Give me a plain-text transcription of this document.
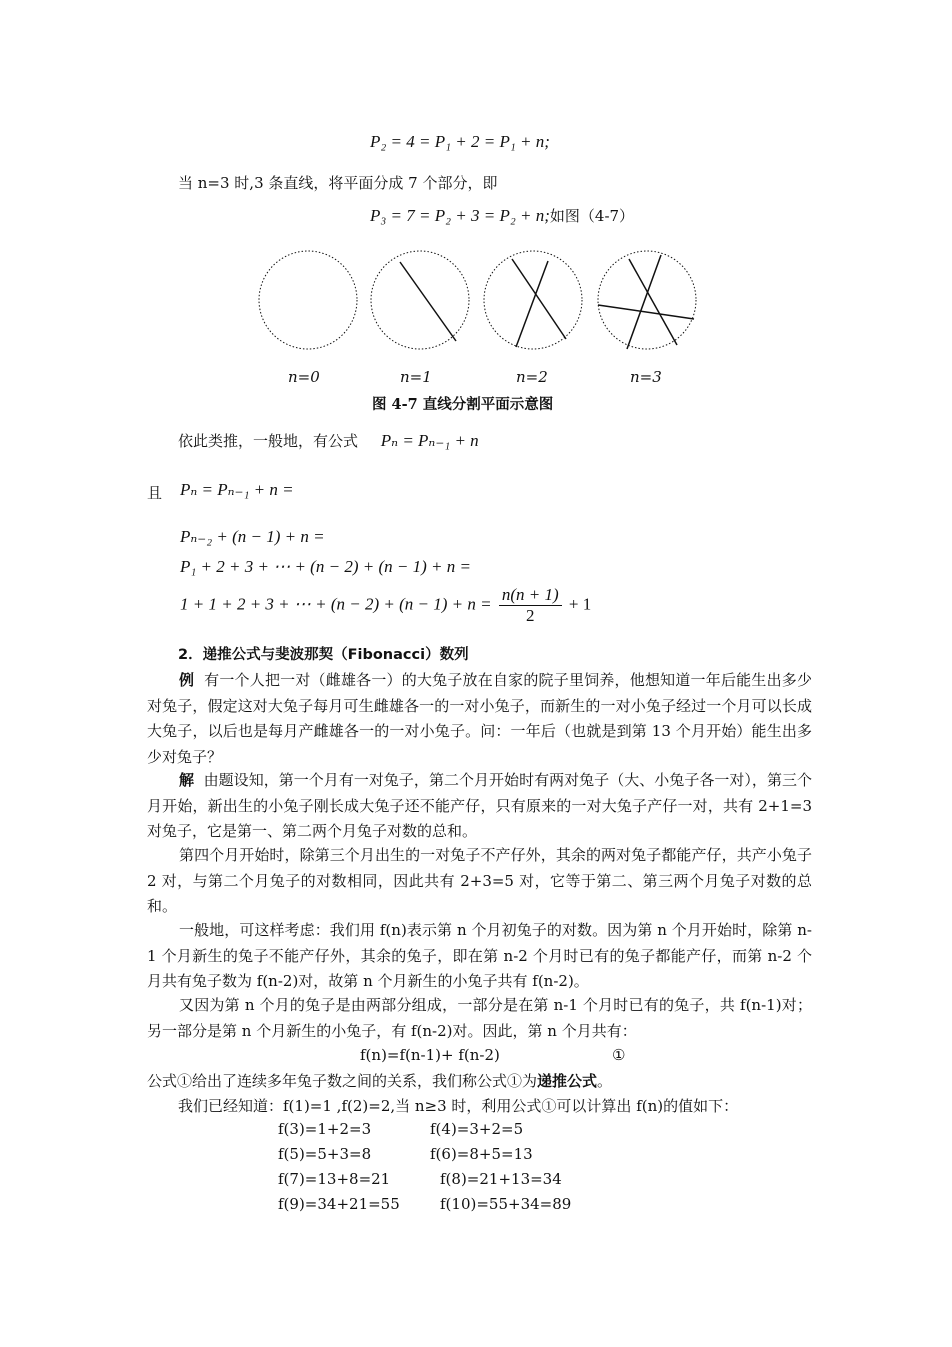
P₂ = 4 = P₁ + 2 = P₁ + n;
当 n=3 时,3 条直线，将平面分成 7 个部分，即
P₃ = 7 = P₂ + 3 = P₂ + n;如图（4-7）
n=0	n=1	n=2	n=3
图 4-7 直线分割平面示意图
依此类推，一般地，有公式 Pₙ = Pₙ₋₁ + n
且 Pₙ = Pₙ₋₁ + n =
Pₙ₋₂ + (n − 1) + n =
P₁ + 2 + 3 + ⋯ + (n − 2) + (n − 1) + n =
1 + 1 + 2 + 3 + ⋯ + $(n - 2) + (n - 1) + n = \frac{n(n + 1)}{2} + 1$
2．递推公式与斐波那契（Fibonacci）数列
例 有一个人把一对（雌雄各一）的大兔子放在自家的院子里饲养，他想知道一年后能生出多少对兔子，假定这对大兔子每月可生雌雄各一的一对小兔子，而新生的一对小兔子经过一个月可以长成大兔子，以后也是每月产雌雄各一的一对小兔子。问：一年后（也就是到第 13 个月开始）能生出多少对兔子？
解 由题设知，第一个月有一对兔子，第二个月开始时有两对兔子（大、小兔子各一对），第三个月开始，新出生的小兔子刚长成大兔子还不能产仔，只有原来的一对大兔子产仔一对，共有 2+1=3 对兔子，它是第一、第二两个月兔子对数的总和。
第四个月开始时，除第三个月出生的一对兔子不产仔外，其余的两对兔子都能产仔，共产小兔子 2 对，与第二个月兔子的对数相同，因此共有 2+3=5 对，它等于第二、第三两个月兔子对数的总和。
一般地，可这样考虑：我们用 f(n)表示第 n 个月初兔子的对数。因为第 n 个月开始时，除第 n-1 个月新生的兔子不能产仔外，其余的兔子，即在第 n-2 个月时已有的兔子都能产仔，而第 n-2 个月共有兔子数为 f(n-2)对，故第 n 个月新生的小兔子共有 f(n-2)。
又因为第 n 个月的兔子是由两部分组成，一部分是在第 n-1 个月时已有的兔子，共 f(n-1)对；另一部分是第 n 个月新生的小兔子，有 f(n-2)对。因此，第 n 个月共有：
f(n)=f(n-1)+ f(n-2)	①
公式①给出了连续多年兔子数之间的关系，我们称公式①为递推公式。
我们已经知道：f(1)=1 ,f(2)=2,当 n≥3 时，利用公式①可以计算出 f(n)的值如下：
f(3)=1+2=3	f(4)=3+2=5
f(5)=5+3=8	f(6)=8+5=13
f(7)=13+8=21	f(8)=21+13=34
f(9)=34+21=55	f(10)=55+34=89
